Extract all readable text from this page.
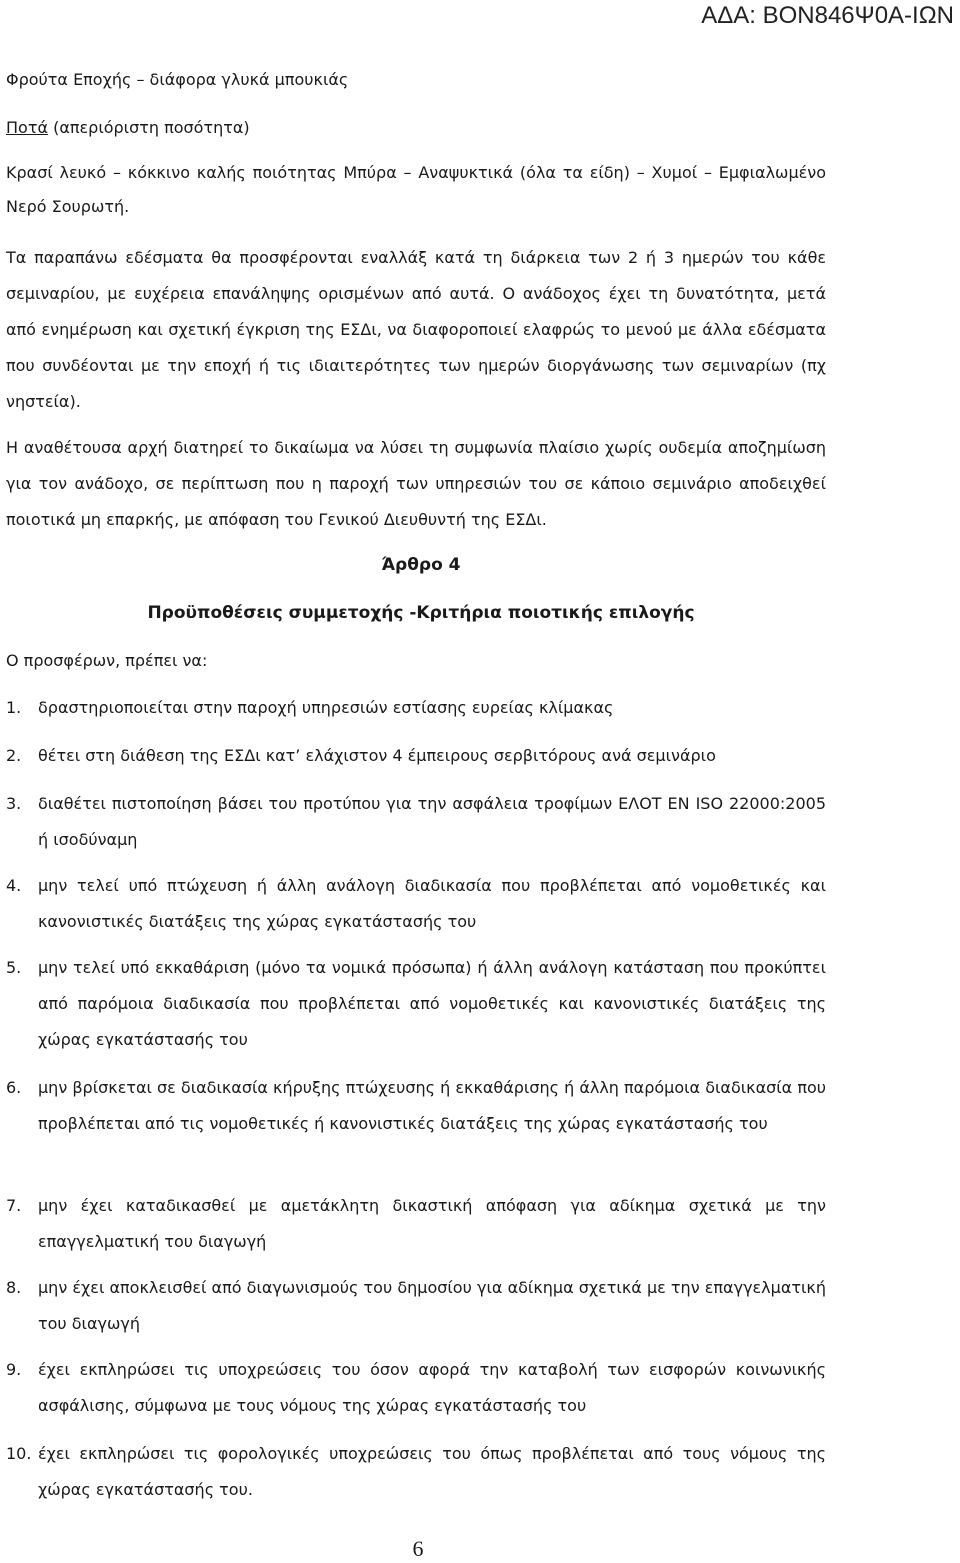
ΑΔΑ: ΒΟΝ846Ψ0Α-ΙΩΝ
Φρούτα Εποχής – διάφορα γλυκά μπουκιάς
Ποτά (απεριόριστη ποσότητα)
Κρασί λευκό – κόκκινο καλής ποιότητας Μπύρα – Αναψυκτικά (όλα τα είδη) – Χυμοί – Εμφιαλωμένο Νερό Σουρωτή.
Τα παραπάνω εδέσματα θα προσφέρονται εναλλάξ κατά τη διάρκεια των 2 ή 3 ημερών του κάθε σεμιναρίου, με ευχέρεια επανάληψης ορισμένων από αυτά. Ο ανάδοχος έχει τη δυνατότητα, μετά από ενημέρωση και σχετική έγκριση της ΕΣΔι, να διαφοροποιεί ελαφρώς το μενού με άλλα εδέσματα που συνδέονται με την εποχή ή τις ιδιαιτερότητες των ημερών διοργάνωσης των σεμιναρίων (πχ νηστεία).
Η αναθέτουσα αρχή διατηρεί το δικαίωμα να λύσει τη συμφωνία πλαίσιο χωρίς ουδεμία αποζημίωση για τον ανάδοχο, σε περίπτωση που η παροχή των υπηρεσιών του σε κάποιο σεμινάριο αποδειχθεί ποιοτικά μη επαρκής, με απόφαση του Γενικού Διευθυντή της ΕΣΔι.
Άρθρο 4
Προϋποθέσεις συμμετοχής -Κριτήρια ποιοτικής επιλογής
Ο προσφέρων, πρέπει να:
1.	δραστηριοποιείται στην παροχή υπηρεσιών εστίασης ευρείας κλίμακας
2.	θέτει στη διάθεση της ΕΣΔι κατ’ ελάχιστον 4 έμπειρους σερβιτόρους ανά σεμινάριο
3.	διαθέτει πιστοποίηση βάσει του προτύπου για την ασφάλεια τροφίμων ΕΛΟΤ ΕΝ ISO 22000:2005 ή ισοδύναμη
4.	μην τελεί υπό πτώχευση ή άλλη ανάλογη διαδικασία που προβλέπεται από νομοθετικές και κανονιστικές διατάξεις της χώρας εγκατάστασής του
5.	μην τελεί υπό εκκαθάριση (μόνο τα νομικά πρόσωπα) ή άλλη ανάλογη κατάσταση που προκύπτει από παρόμοια διαδικασία που προβλέπεται από νομοθετικές και κανονιστικές διατάξεις της χώρας εγκατάστασής του
6.	μην βρίσκεται σε διαδικασία κήρυξης πτώχευσης ή εκκαθάρισης ή άλλη παρόμοια διαδικασία που προβλέπεται από τις νομοθετικές ή κανονιστικές διατάξεις της χώρας εγκατάστασής του
7.	μην έχει καταδικασθεί με αμετάκλητη δικαστική απόφαση για αδίκημα σχετικά με την επαγγελματική του διαγωγή
8.	μην έχει αποκλεισθεί από διαγωνισμούς του δημοσίου για αδίκημα σχετικά με την επαγγελματική του διαγωγή
9.	έχει εκπληρώσει τις υποχρεώσεις του όσον αφορά την καταβολή των εισφορών κοινωνικής ασφάλισης, σύμφωνα με τους νόμους της χώρας εγκατάστασής του
10. έχει εκπληρώσει τις φορολογικές υποχρεώσεις του όπως προβλέπεται από τους νόμους της χώρας εγκατάστασής του.
6
